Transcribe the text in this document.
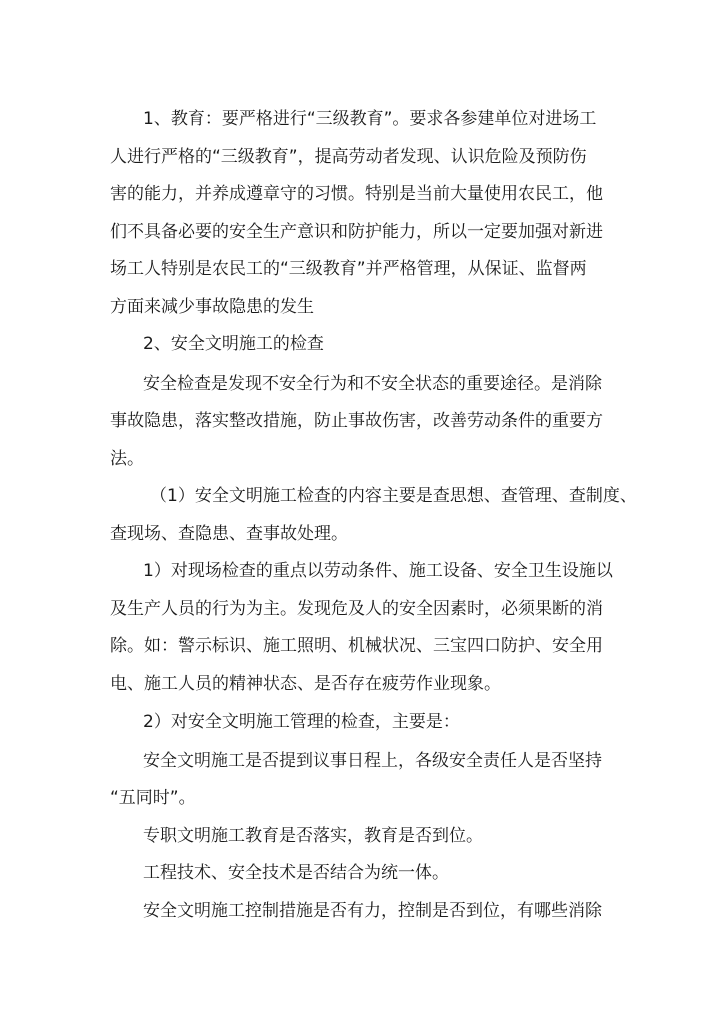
1、教育：要严格进行“三级教育”。要求各参建单位对进场工

人进行严格的“三级教育”，提高劳动者发现、认识危险及预防伤

害的能力，并养成遵章守的习惯。特别是当前大量使用农民工，他

们不具备必要的安全生产意识和防护能力，所以一定要加强对新进

场工人特别是农民工的“三级教育”并严格管理，从保证、监督两

方面来减少事故隐患的发生

2、安全文明施工的检查

安全检查是发现不安全行为和不安全状态的重要途径。是消除

事故隐患，落实整改措施，防止事故伤害，改善劳动条件的重要方

法。

（1）安全文明施工检查的内容主要是查思想、查管理、查制度、

查现场、查隐患、查事故处理。

1）对现场检查的重点以劳动条件、施工设备、安全卫生设施以

及生产人员的行为为主。发现危及人的安全因素时，必须果断的消

除。如：警示标识、施工照明、机械状况、三宝四口防护、安全用

电、施工人员的精神状态、是否存在疲劳作业现象。

2）对安全文明施工管理的检查，主要是：

安全文明施工是否提到议事日程上，各级安全责任人是否坚持

“五同时”。

专职文明施工教育是否落实，教育是否到位。

工程技术、安全技术是否结合为统一体。

安全文明施工控制措施是否有力，控制是否到位，有哪些消除
